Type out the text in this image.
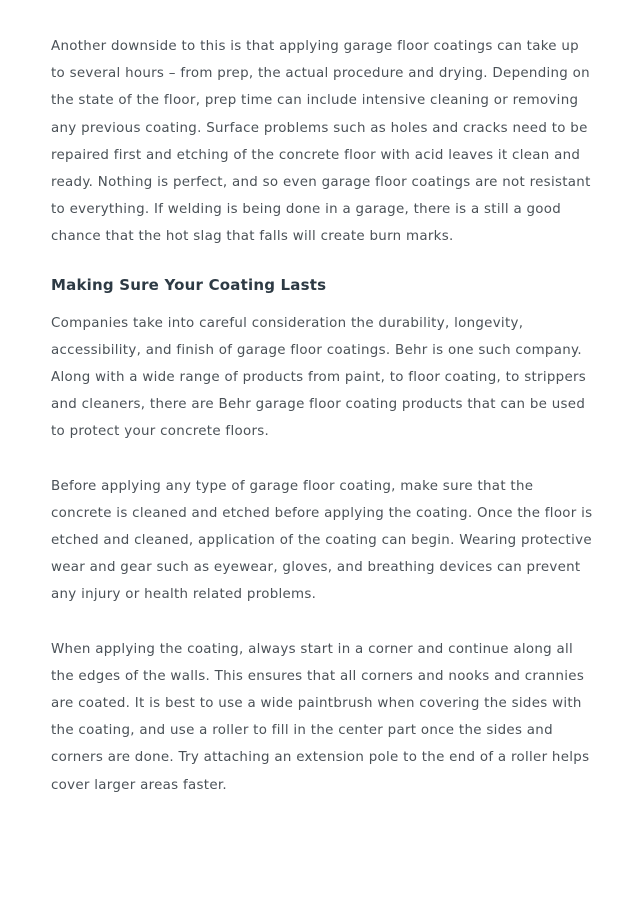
Another downside to this is that applying garage floor coatings can take up to several hours – from prep, the actual procedure and drying. Depending on the state of the floor, prep time can include intensive cleaning or removing any previous coating. Surface problems such as holes and cracks need to be repaired first and etching of the concrete floor with acid leaves it clean and ready. Nothing is perfect, and so even garage floor coatings are not resistant to everything. If welding is being done in a garage, there is a still a good chance that the hot slag that falls will create burn marks.

Making Sure Your Coating Lasts

Companies take into careful consideration the durability, longevity, accessibility, and finish of garage floor coatings. Behr is one such company. Along with a wide range of products from paint, to floor coating, to strippers and cleaners, there are Behr garage floor coating products that can be used to protect your concrete floors.

Before applying any type of garage floor coating, make sure that the concrete is cleaned and etched before applying the coating. Once the floor is etched and cleaned, application of the coating can begin. Wearing protective wear and gear such as eyewear, gloves, and breathing devices can prevent any injury or health related problems.

When applying the coating, always start in a corner and continue along all the edges of the walls. This ensures that all corners and nooks and crannies are coated. It is best to use a wide paintbrush when covering the sides with the coating, and use a roller to fill in the center part once the sides and corners are done. Try attaching an extension pole to the end of a roller helps cover larger areas faster.
